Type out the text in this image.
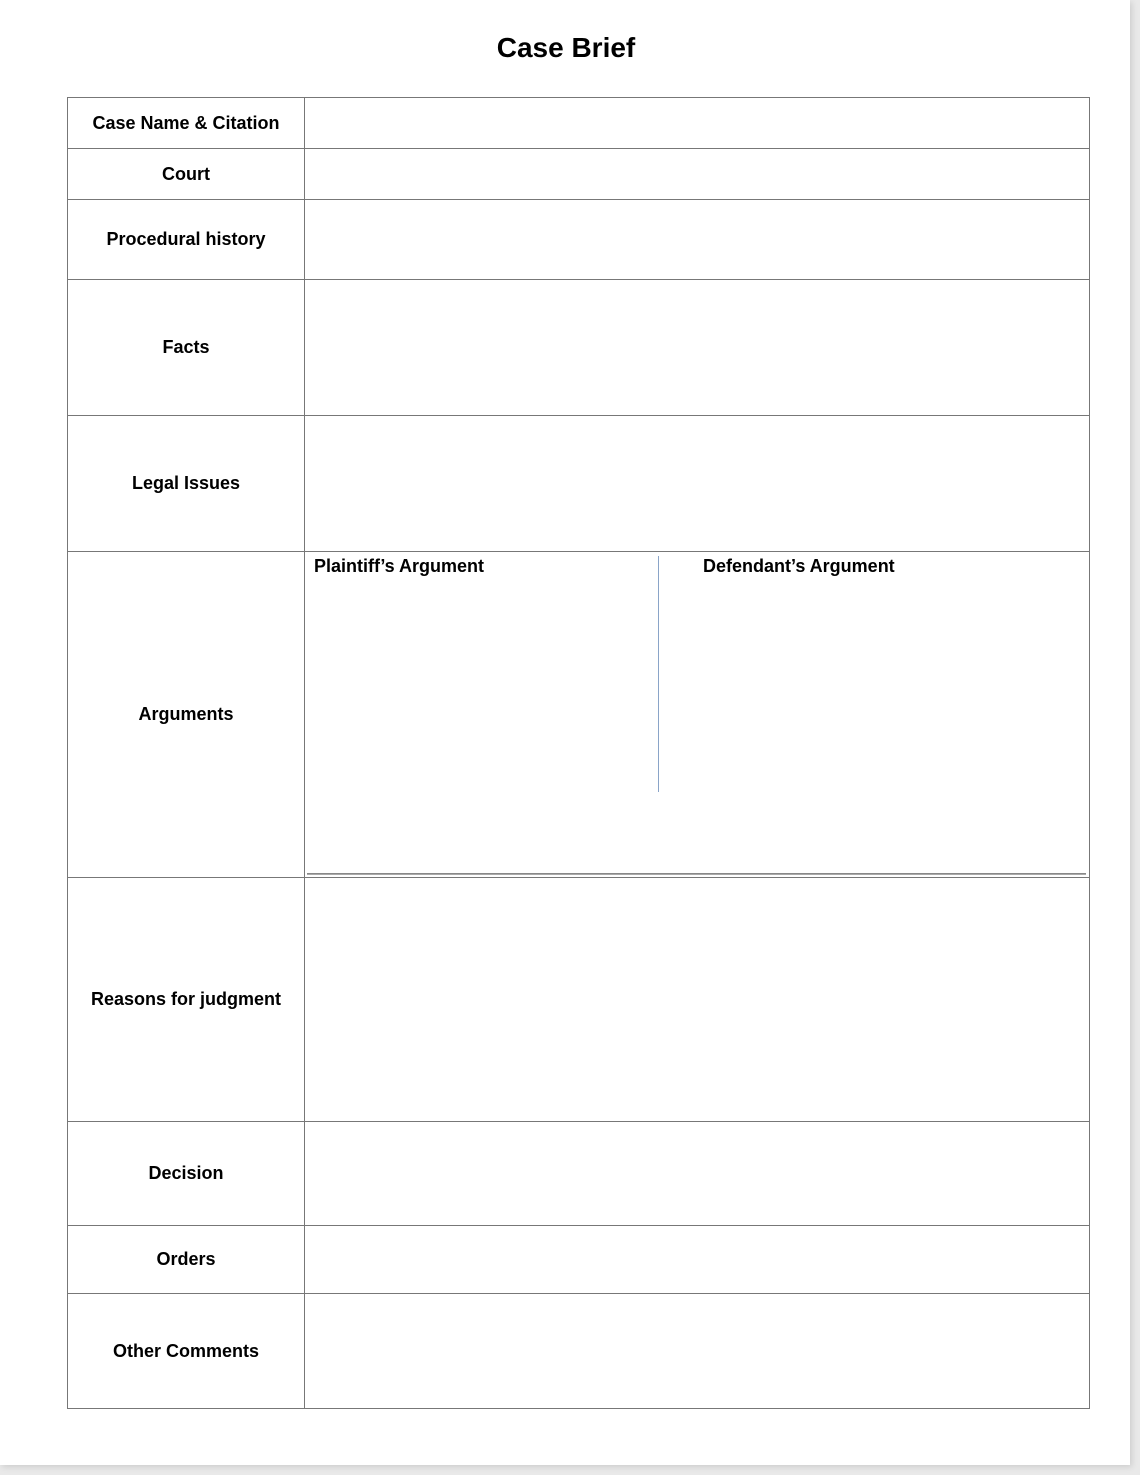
Case Brief
Case Name & Citation
Court
Procedural history
Facts
Legal Issues
Arguments
Plaintiff’s Argument	Defendant’s Argument
Reasons for judgment
Decision
Orders
Other Comments
